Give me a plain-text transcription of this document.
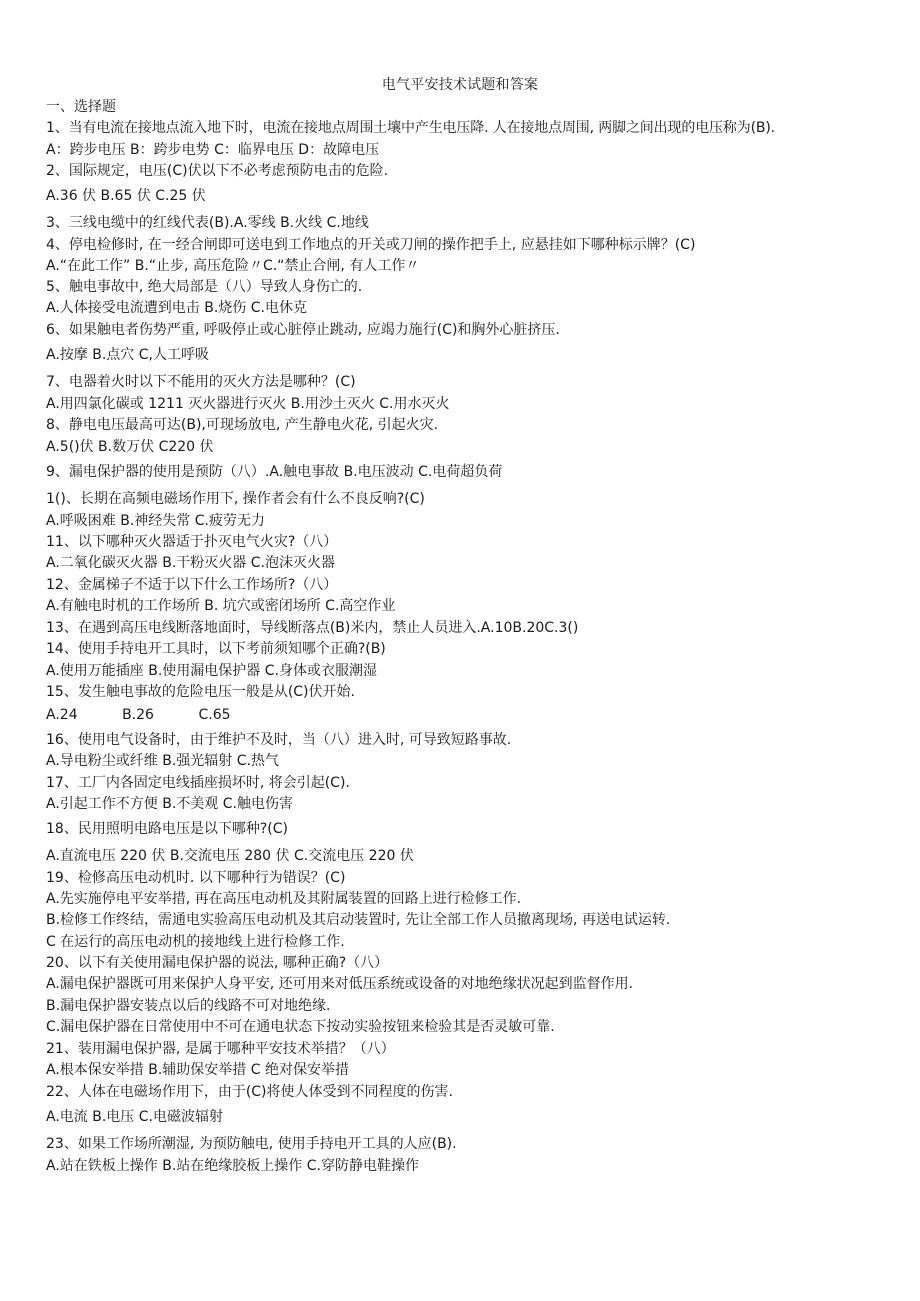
电气平安技术试题和答案
一、选择题
1、当有电流在接地点流入地下时，电流在接地点周围土壤中产生电压降. 人在接地点周围, 两脚之间出现的电压称为(B).
A：跨步电压 B：跨步电势 C：临界电压 D：故障电压
2、国际规定，电压(C)伏以下不必考虑预防电击的危险.
A.36 伏 B.65 伏 C.25 伏
3、三线电缆中的红线代表(B).A.零线 B.火线 C.地线
4、停电检修时, 在一经合闸即可送电到工作地点的开关或刀闸的操作把手上, 应悬挂如下哪种标示牌？(C)
A.“在此工作” B.“止步, 高压危险〃C.“禁止合闸, 有人工作〃
5、触电事故中, 绝大局部是（八）导致人身伤亡的.
A.人体接受电流遭到电击 B.烧伤 C.电休克
6、如果触电者伤势严重, 呼吸停止或心脏停止跳动, 应竭力施行(C)和胸外心脏挤压.
A.按摩 B.点穴 C,人工呼吸
7、电器着火时以下不能用的灭火方法是哪种？(C)
A.用四氯化碳或 1211 灭火器进行灭火 B.用沙土灭火 C.用水灭火
8、静电电压最高可达(B),可现场放电, 产生静电火花, 引起火灾.
A.5()伏 B.数万伏 C220 伏
9、漏电保护器的使用是预防（八）.A.触电事故 B.电压波动 C.电荷超负荷
1()、长期在高频电磁场作用下, 操作者会有什么不良反响?(C)
A.呼吸困难 B.神经失常 C.疲劳无力
11、以下哪种灭火器适于扑灭电气火灾?（八）
A.二氧化碳灭火器 B.干粉灭火器 C.泡沫灭火器
12、金属梯子不适于以下什么工作场所?（八）
A.有触电时机的工作场所 B. 坑穴或密闭场所 C.高空作业
13、在遇到高压电线断落地面时，导线断落点(B)米内，禁止人员进入.A.10B.20C.3()
14、使用手持电开工具时，以下考前须知哪个正确?(B)
A.使用万能插座 B.使用漏电保护器 C.身体或衣服潮湿
15、发生触电事故的危险电压一般是从(C)伏开始.
A.24          B.26          C.65
16、使用电气设备时，由于维护不及时，当（八）进入时, 可导致短路事故.
A.导电粉尘或纤维 B.强光辐射 C.热气
17、工厂内各固定电线插座损坏时, 将会引起(C).
A.引起工作不方便 B.不美观 C.触电伤害
18、民用照明电路电压是以下哪种?(C)
A.直流电压 220 伏 B.交流电压 280 伏 C.交流电压 220 伏
19、检修高压电动机时. 以下哪种行为错误？(C)
A.先实施停电平安举措, 再在高压电动机及其附属装置的回路上进行检修工作.
B.检修工作终结，需通电实验高压电动机及其启动装置时, 先让全部工作人员撤离现场, 再送电试运转.
C 在运行的高压电动机的接地线上进行检修工作.
20、以下有关使用漏电保护器的说法, 哪种正确?（八）
A.漏电保护器既可用来保护人身平安, 还可用来对低压系统或设备的对地绝缘状况起到监督作用.
B.漏电保护器安装点以后的线路不可对地绝缘.
C.漏电保护器在日常使用中不可在通电状态下按动实验按钮来检验其是否灵敏可靠.
21、装用漏电保护器, 是属于哪种平安技术举措？（八）
A.根本保安举措 B.辅助保安举措 C 绝对保安举措
22、人体在电磁场作用下，由于(C)将使人体受到不同程度的伤害.
A.电流 B.电压 C.电磁波辐射
23、如果工作场所潮湿, 为预防触电, 使用手持电开工具的人应(B).
A.站在铁板上操作 B.站在绝缘胶板上操作 C.穿防静电鞋操作
